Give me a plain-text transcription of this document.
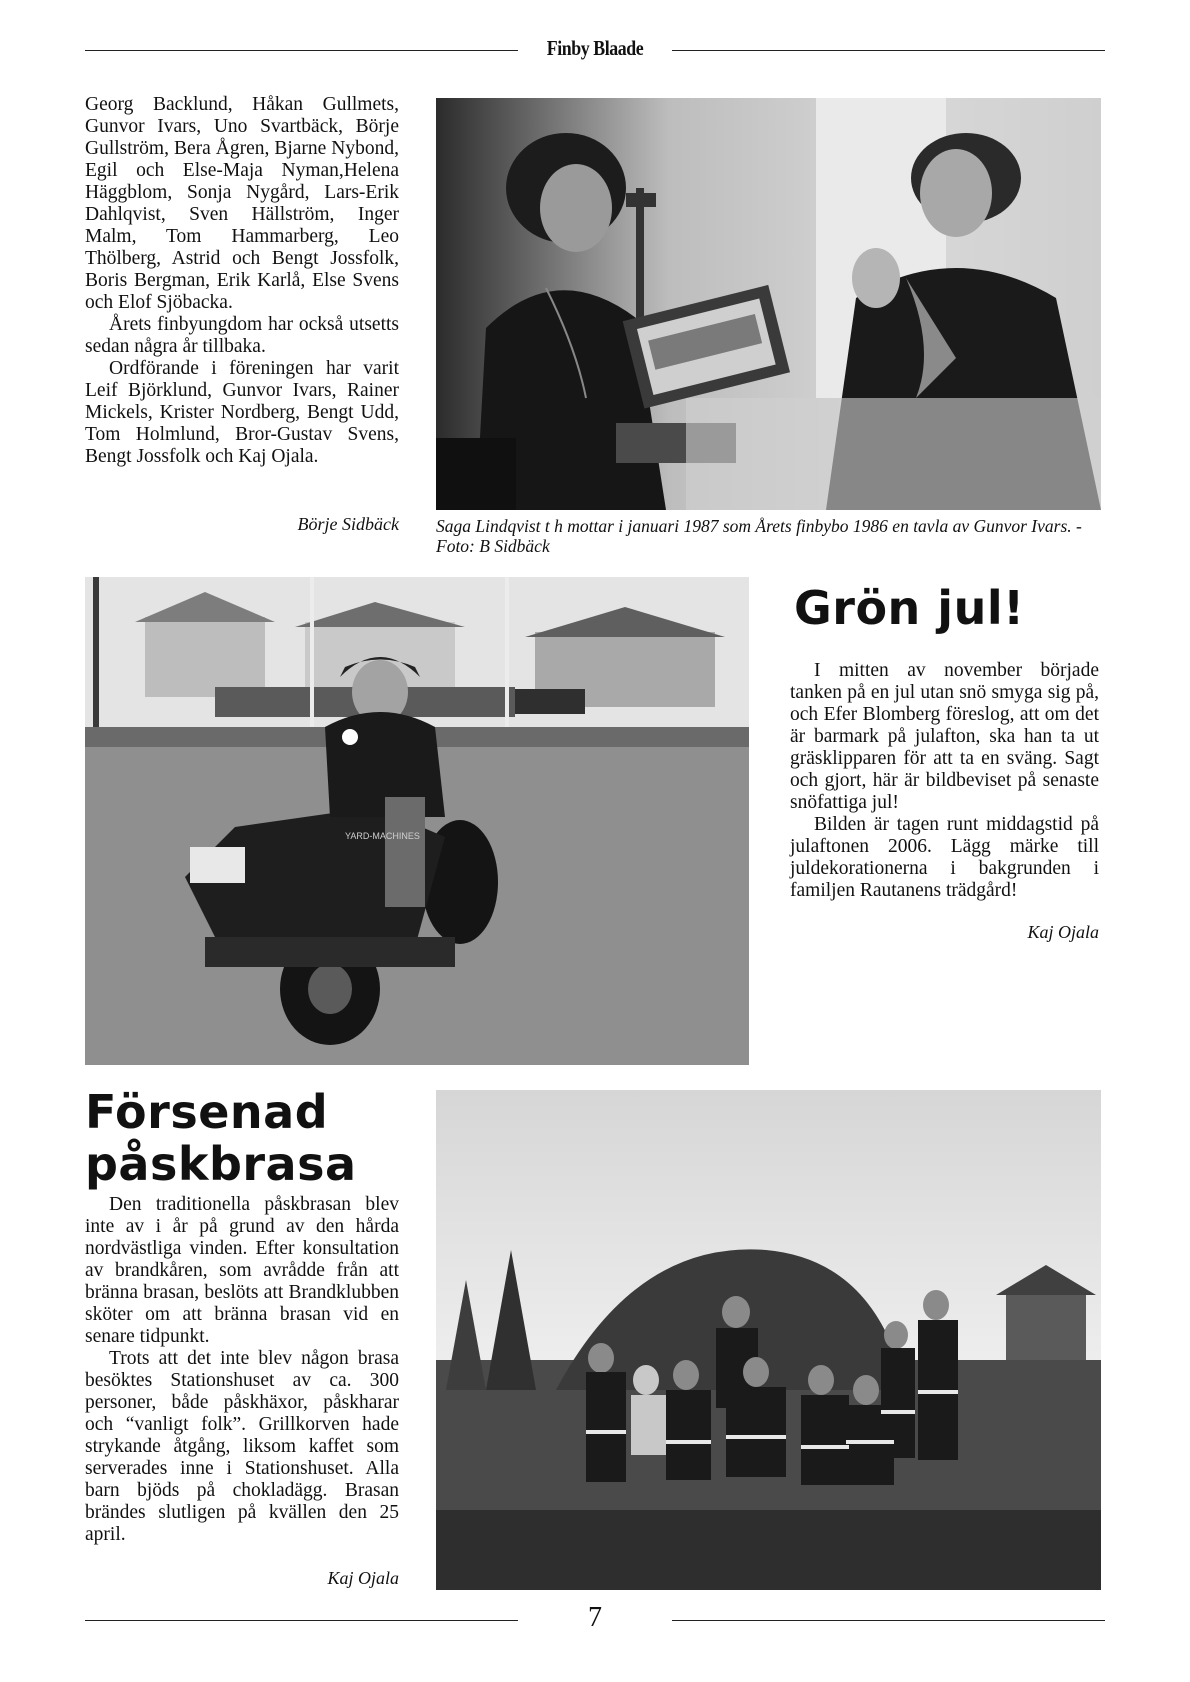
Finby Blaade

Georg Backlund, Håkan Gullmets, Gunvor Ivars, Uno Svartbäck, Börje Gullström, Bera Ågren, Bjarne Nybond, Egil och Else-Maja Nyman,Helena Häggblom, Sonja Nygård, Lars-Erik Dahlqvist, Sven Hällström, Inger Malm, Tom Hammarberg, Leo Thölberg, Astrid och Bengt Jossfolk, Boris Bergman, Erik Karlå, Else Svens och Elof Sjöbacka.

Årets finbyungdom har också utsetts sedan några år tillbaka.

Ordförande i föreningen har varit Leif Björklund, Gunvor Ivars, Rainer Mickels, Krister Nordberg, Bengt Udd, Tom Holmlund, Bror-Gustav Svens, Bengt Jossfolk och Kaj Ojala.

Börje Sidbäck Saga Lindqvist t h mottar i januari 1987 som Årets finbybo 1986 en tavla av Gunvor Ivars. - Foto: B Sidbäck
YARD-MACHINES
Grön jul!

I mitten av november började tanken på en jul utan snö smyga sig på, och Efer Blomberg föreslog, att om det är barmark på julafton, ska han ta ut gräsklipparen för att ta en sväng. Sagt och gjort, här är bildbeviset på senaste snöfattiga jul!

Bilden är tagen runt middagstid på julaftonen 2006. Lägg märke till juldekorationerna i bakgrunden i familjen Rautanens trädgård!

Kaj Ojala
Försenad
påskbrasa

Den traditionella påskbrasan blev inte av i år på grund av den hårda nordvästliga vinden. Efter konsultation av brandkåren, som avrådde från att bränna brasan, beslöts att Brandklubben sköter om att bränna brasan vid en senare tidpunkt.

Trots att det inte blev någon brasa besöktes Stationshuset av ca. 300 personer, både påskhäxor, påskharar och “vanligt folk”. Grillkorven hade strykande åtgång, liksom kaffet som serverades inne i Stationshuset. Alla barn bjöds på chokladägg. Brasan brändes slutligen på kvällen den 25 april.

Kaj Ojala
7
